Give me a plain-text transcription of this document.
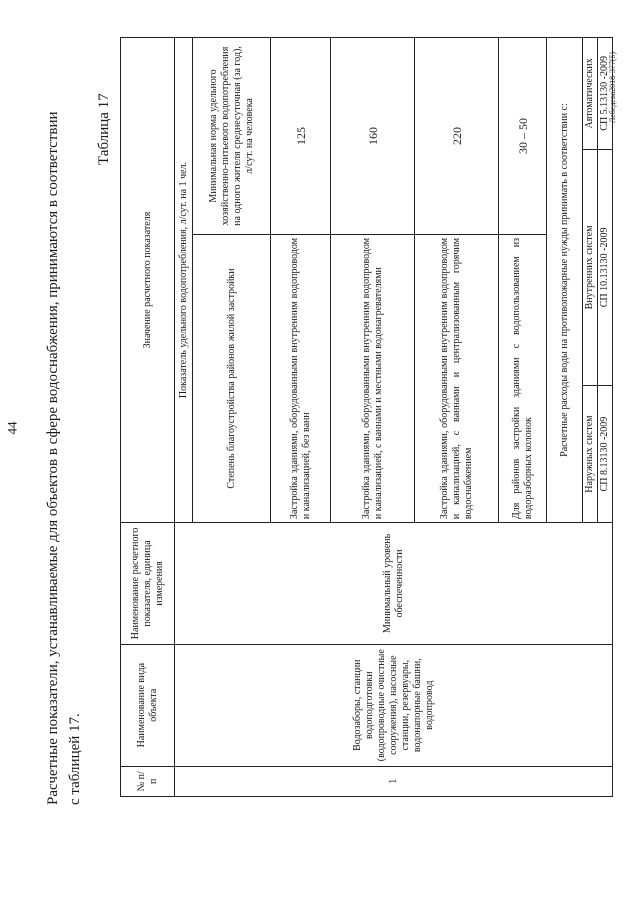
44 Расчетные показатели, устанавливаемые для объектов в сфере водоснабжения, принимаются в соответствии с таблицей 17.
Таблица 17
№ п/п	Наименование вида объекта	Наименование расчетного показателя, единица измерения	Значение расчетного показателя			
1	Водозаборы, станции водоподготовки (водопроводные очистные сооружения), насосные станции, резервуары, водонапорные башни, водопровод	Минимальный уровень обеспеченности	Показатель удельного водопотребления, л/сут. на 1 чел.			
			Степень благоустройства районов жилой застройки		Минимальная норма удельного хозяйственно-питьевого водопотребления на одного жителя среднесуточная (за год), л/сут. на человека	
			Застройка зданиями, оборудованными внутренним водопроводом и канализацией, без ванн		125	
			Застройка зданиями, оборудованными внутренним водопроводом и канализацией, с ваннами и местными водонагревателями		160	
			Застройка зданиями, оборудованными внутренним водопроводом и канализацией, с ваннами и централизованным горячим водоснабжением		220	
			Для районов застройки зданиями с водопользованием из водоразборных колонок		30 – 50	
			Расчетные расходы воды на противопожарные нужды принимать в соответствии с:			
			Наружных систем	Внутренних систем		Автоматических
			СП 8.13130 -2009	СП 10.13130 -2009		СП 5.13130 -2009
Лебедева2018-377(5)
